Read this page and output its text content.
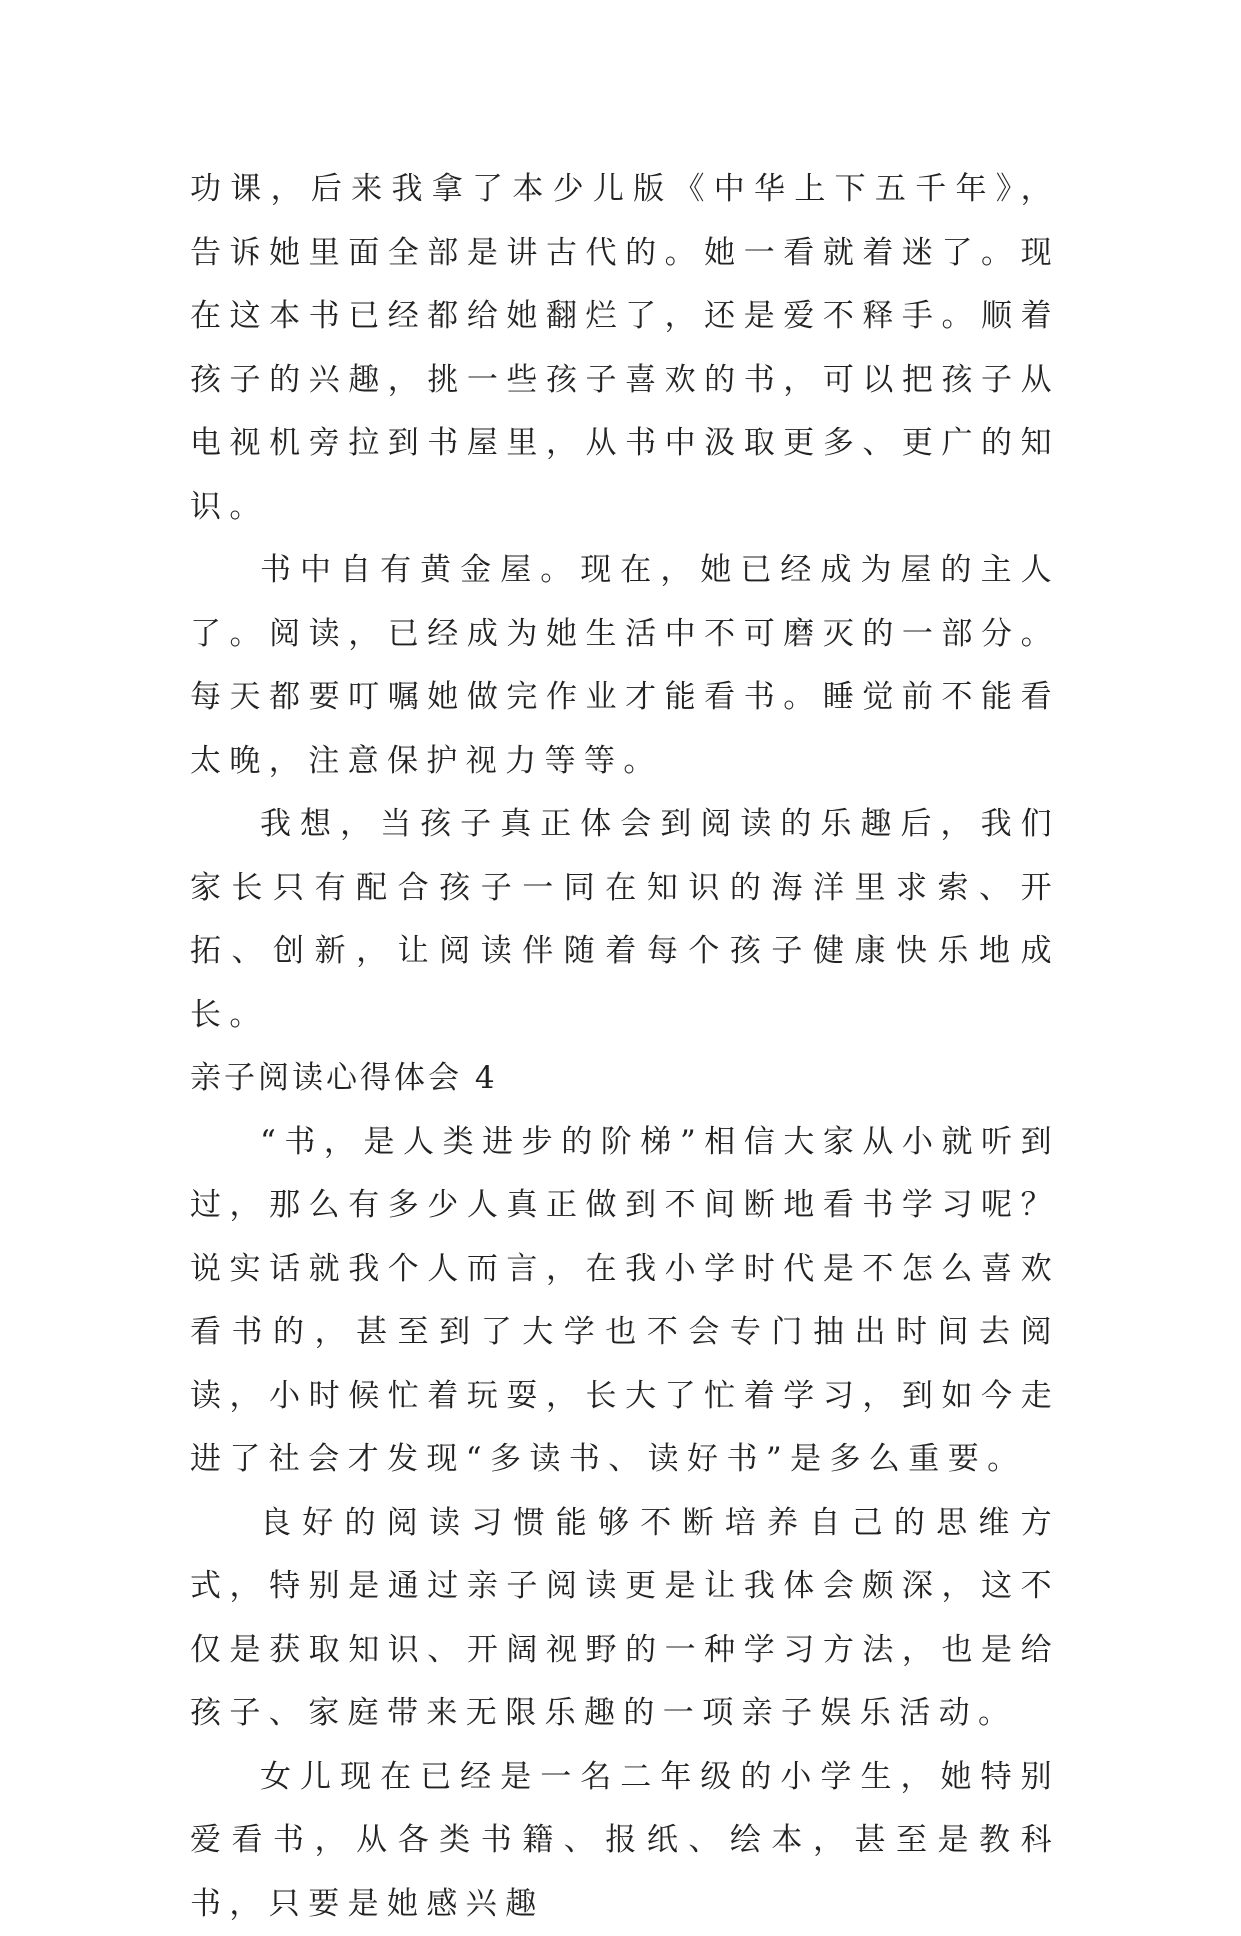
功课，后来我拿了本少儿版《中华上下五千年》，告诉她里面全部是讲古代的。她一看就着迷了。现在这本书已经都给她翻烂了，还是爱不释手。顺着孩子的兴趣，挑一些孩子喜欢的书，可以把孩子从电视机旁拉到书屋里，从书中汲取更多、更广的知识。

书中自有黄金屋。现在，她已经成为屋的主人了。阅读，已经成为她生活中不可磨灭的一部分。每天都要叮嘱她做完作业才能看书。睡觉前不能看太晚，注意保护视力等等。

我想，当孩子真正体会到阅读的乐趣后，我们家长只有配合孩子一同在知识的海洋里求索、开拓、创新，让阅读伴随着每个孩子健康快乐地成长。

亲子阅读心得体会 4

“书，是人类进步的阶梯”相信大家从小就听到过，那么有多少人真正做到不间断地看书学习呢？说实话就我个人而言，在我小学时代是不怎么喜欢看书的，甚至到了大学也不会专门抽出时间去阅读，小时候忙着玩耍，长大了忙着学习，到如今走进了社会才发现“多读书、读好书”是多么重要。

良好的阅读习惯能够不断培养自己的思维方式，特别是通过亲子阅读更是让我体会颇深，这不仅是获取知识、开阔视野的一种学习方法，也是给孩子、家庭带来无限乐趣的一项亲子娱乐活动。

女儿现在已经是一名二年级的小学生，她特别爱看书，从各类书籍、报纸、绘本，甚至是教科书，只要是她感兴趣
